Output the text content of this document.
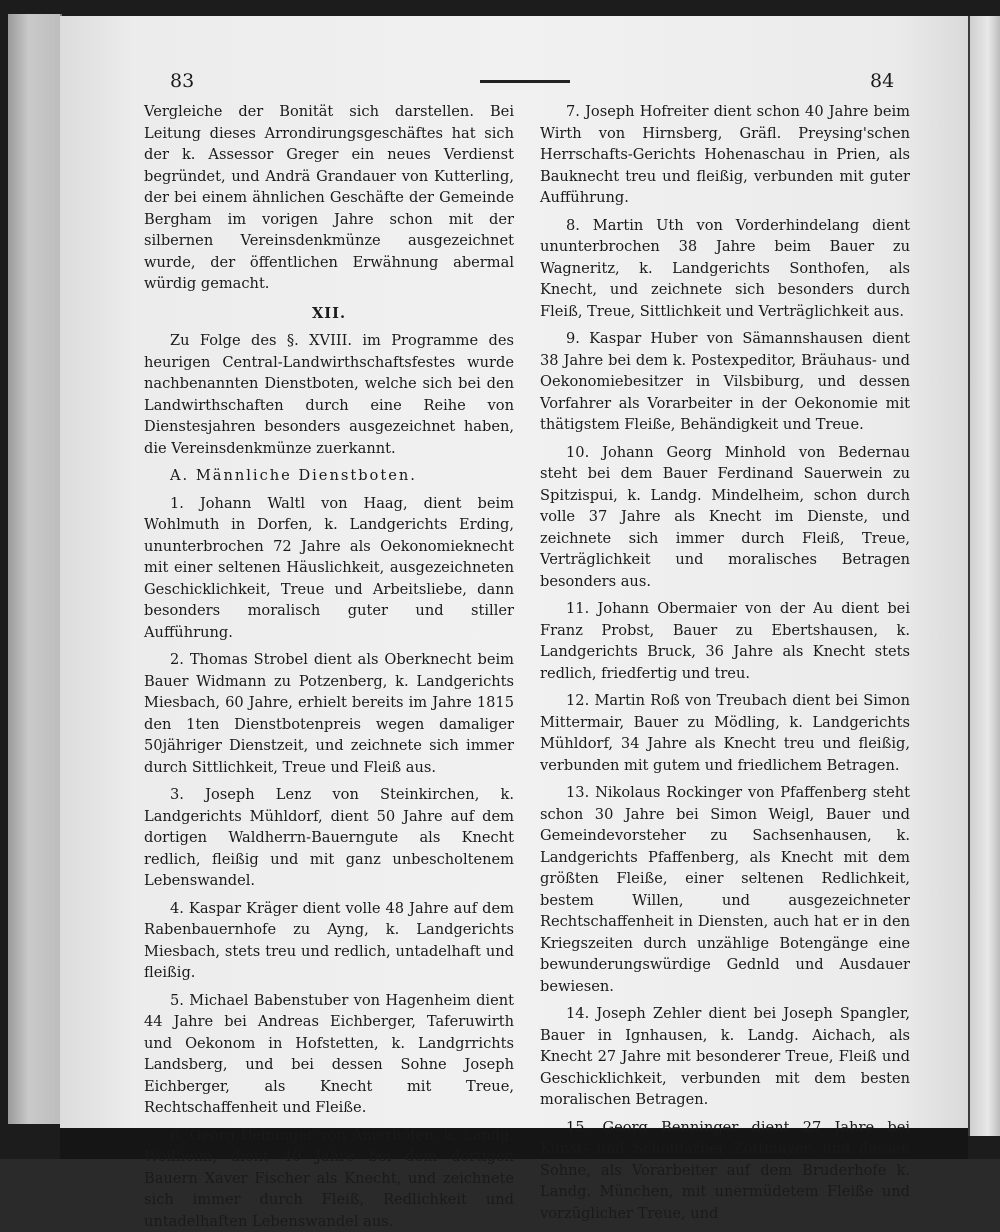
83	84

Vergleiche der Bonität sich darstellen. Bei Leitung dieses Arrondirungsgeschäftes hat sich der k. Assessor Greger ein neues Verdienst begründet, und Andrä Grandauer von Kutterling, der bei einem ähnlichen Geschäfte der Gemeinde Bergham im vorigen Jahre schon mit der silbernen Vereinsdenkmünze ausgezeichnet wurde, der öffentlichen Erwähnung abermal würdig gemacht.

XII.

Zu Folge des §. XVIII. im Programme des heurigen Central-Landwirthschaftsfestes wurde nachbenannten Dienstboten, welche sich bei den Landwirthschaften durch eine Reihe von Dienstesjahren besonders ausgezeichnet haben, die Vereinsdenkmünze zuerkannt.

A. Männliche Dienstboten.

1. Johann Waltl von Haag, dient beim Wohlmuth in Dorfen, k. Landgerichts Erding, ununterbrochen 72 Jahre als Oekonomieknecht mit einer seltenen Häuslichkeit, ausgezeichneten Geschicklichkeit, Treue und Arbeitsliebe, dann besonders moralisch guter und stiller Aufführung.

2. Thomas Strobel dient als Oberknecht beim Bauer Widmann zu Potzenberg, k. Landgerichts Miesbach, 60 Jahre, erhielt bereits im Jahre 1815 den 1ten Dienstbotenpreis wegen damaliger 50jähriger Dienstzeit, und zeichnete sich immer durch Sittlichkeit, Treue und Fleiß aus.

3. Joseph Lenz von Steinkirchen, k. Landgerichts Mühldorf, dient 50 Jahre auf dem dortigen Waldherrn-Bauerngute als Knecht redlich, fleißig und mit ganz unbescholtenem Lebenswandel.

4. Kaspar Kräger dient volle 48 Jahre auf dem Rabenbauernhofe zu Ayng, k. Landgerichts Miesbach, stets treu und redlich, untadelhaft und fleißig.

5. Michael Babenstuber von Hagenheim dient 44 Jahre bei Andreas Eichberger, Taferuwirth und Oekonom in Hofstetten, k. Landgrrichts Landsberg, und bei dessen Sohne Joseph Eichberger, als Knecht mit Treue, Rechtschaffenheit und Fleiße.

6. Georg Deininger von Amerhöfen, k. Landg. Weilheim, dient 40 Jahre bei dem dortigen Bauern Xaver Fischer als Knecht, und zeichnete sich immer durch Fleiß, Redlichkeit und untadelhaften Lebenswandel aus.

7. Joseph Hofreiter dient schon 40 Jahre beim Wirth von Hirnsberg, Gräfl. Preysing'schen Herrschafts-Gerichts Hohenaschau in Prien, als Bauknecht treu und fleißig, verbunden mit guter Aufführung.

8. Martin Uth von Vorderhindelang dient ununterbrochen 38 Jahre beim Bauer zu Wagneritz, k. Landgerichts Sonthofen, als Knecht, und zeichnete sich besonders durch Fleiß, Treue, Sittlichkeit und Verträglichkeit aus.

9. Kaspar Huber von Sämannshausen dient 38 Jahre bei dem k. Postexpeditor, Bräuhaus- und Oekonomiebesitzer in Vilsbiburg, und dessen Vorfahrer als Vorarbeiter in der Oekonomie mit thätigstem Fleiße, Behändigkeit und Treue.

10. Johann Georg Minhold von Bedernau steht bei dem Bauer Ferdinand Sauerwein zu Spitzispui, k. Landg. Mindelheim, schon durch volle 37 Jahre als Knecht im Dienste, und zeichnete sich immer durch Fleiß, Treue, Verträglichkeit und moralisches Betragen besonders aus.

11. Johann Obermaier von der Au dient bei Franz Probst, Bauer zu Ebertshausen, k. Landgerichts Bruck, 36 Jahre als Knecht stets redlich, friedfertig und treu.

12. Martin Roß von Treubach dient bei Simon Mittermair, Bauer zu Mödling, k. Landgerichts Mühldorf, 34 Jahre als Knecht treu und fleißig, verbunden mit gutem und friedlichem Betragen.

13. Nikolaus Rockinger von Pfaffenberg steht schon 30 Jahre bei Simon Weigl, Bauer und Gemeindevorsteher zu Sachsenhausen, k. Landgerichts Pfaffenberg, als Knecht mit dem größten Fleiße, einer seltenen Redlichkeit, bestem Willen, und ausgezeichneter Rechtschaffenheit in Diensten, auch hat er in den Kriegszeiten durch unzählige Botengänge eine bewunderungswürdige Gednld und Ausdauer bewiesen.

14. Joseph Zehler dient bei Joseph Spangler, Bauer in Ignhausen, k. Landg. Aichach, als Knecht 27 Jahre mit besonderer Treue, Fleiß und Geschicklichkeit, verbunden mit dem besten moralischen Betragen.

15. Georg Benninger dient 27 Jahre bei Kunst- und Schönfärber Zottmayer, und dessen Sohne, als Vorarbeiter auf dem Bruderhofe k. Landg. München, mit unermüdetem Fleiße und vorzüglicher Treue, und
